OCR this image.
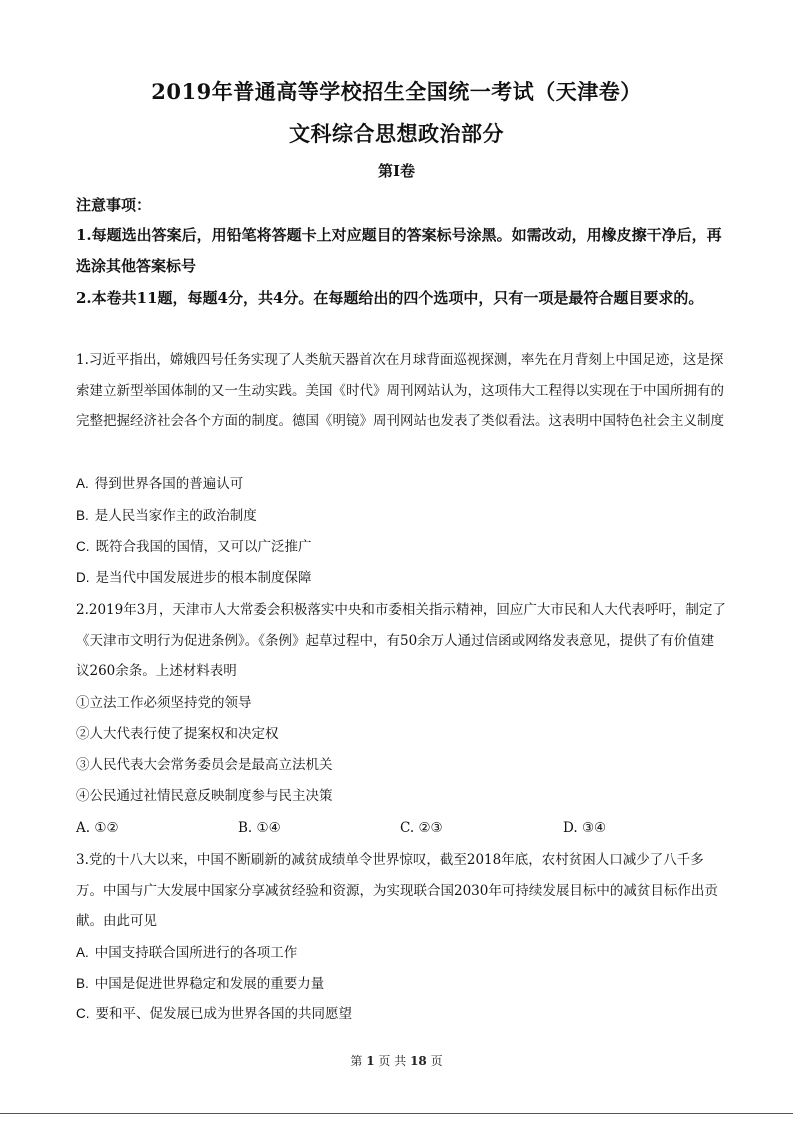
2019年普通高等学校招生全国统一考试（天津卷）
文科综合思想政治部分
第Ⅰ卷
注意事项：
1.每题选出答案后，用铅笔将答题卡上对应题目的答案标号涂黑。如需改动，用橡皮擦干净后，再选涂其他答案标号
2.本卷共11题，每题4分，共4分。在每题给出的四个选项中，只有一项是最符合题目要求的。
1.习近平指出，嫦娥四号任务实现了人类航天器首次在月球背面巡视探测，率先在月背刻上中国足迹，这是探索建立新型举国体制的又一生动实践。美国《时代》周刊网站认为，这项伟大工程得以实现在于中国所拥有的完整把握经济社会各个方面的制度。德国《明镜》周刊网站也发表了类似看法。这表明中国特色社会主义制度
A. 得到世界各国的普遍认可
B. 是人民当家作主的政治制度
C. 既符合我国的国情，又可以广泛推广
D. 是当代中国发展进步的根本制度保障
2.2019年3月，天津市人大常委会积极落实中央和市委相关指示精神，回应广大市民和人大代表呼吁，制定了《天津市文明行为促进条例》。《条例》起草过程中，有50余万人通过信函或网络发表意见，提供了有价值建议260余条。上述材料表明
①立法工作必须坚持党的领导
②人大代表行使了提案权和决定权
③人民代表大会常务委员会是最高立法机关
④公民通过社情民意反映制度参与民主决策
A. ①②	B. ①④	C. ②③	D. ③④
3.党的十八大以来，中国不断刷新的减贫成绩单令世界惊叹，截至2018年底，农村贫困人口减少了八千多万。中国与广大发展中国家分享减贫经验和资源，为实现联合国2030年可持续发展目标中的减贫目标作出贡献。由此可见
A. 中国支持联合国所进行的各项工作
B. 中国是促进世界稳定和发展的重要力量
C. 要和平、促发展已成为世界各国的共同愿望
第 1 页 共 18 页
